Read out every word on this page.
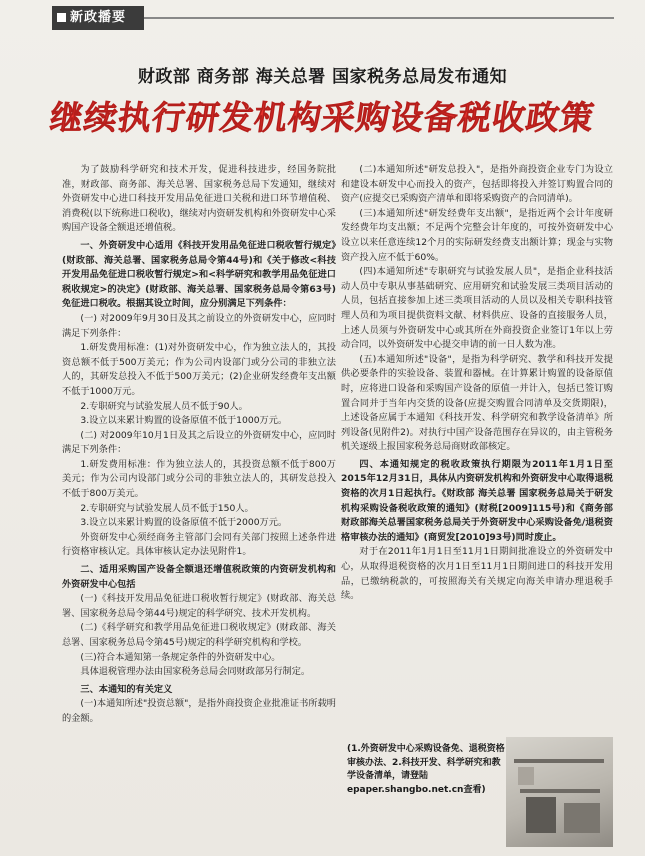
新政播要
财政部 商务部 海关总署 国家税务总局发布通知
继续执行研发机构采购设备税收政策

为了鼓励科学研究和技术开发，促进科技进步，经国务院批准，财政部、商务部、海关总署、国家税务总局下发通知，继续对外资研发中心进口科技开发用品免征进口关税和进口环节增值税、消费税(以下统称进口税收)，继续对内资研发机构和外资研发中心采购国产设备全额退还增值税。

一、外资研发中心适用《科技开发用品免征进口税收暂行规定》(财政部、海关总署、国家税务总局令第44号)和《关于修改<科技开发用品免征进口税收暂行规定>和<科学研究和教学用品免征进口税收规定>的决定》(财政部、海关总署、国家税务总局令第63号)免征进口税收。根据其设立时间，应分别满足下列条件：

(一) 对2009年9月30日及其之前设立的外资研发中心，应同时满足下列条件：

1.研发费用标准：(1)对外资研发中心，作为独立法人的，其投资总额不低于500万美元；作为公司内设部门或分公司的非独立法人的，其研发总投入不低于500万美元；(2)企业研发经费年支出额不低于1000万元。

2.专职研究与试验发展人员不低于90人。

3.设立以来累计购置的设备原值不低于1000万元。

(二) 对2009年10月1日及其之后设立的外资研发中心，应同时满足下列条件：

1.研发费用标准：作为独立法人的，其投资总额不低于800万美元；作为公司内设部门或分公司的非独立法人的，其研发总投入不低于800万美元。

2.专职研究与试验发展人员不低于150人。

3.设立以来累计购置的设备原值不低于2000万元。

外资研发中心须经商务主管部门会同有关部门按照上述条件进行资格审核认定。具体审核认定办法见附件1。

二、适用采购国产设备全额退还增值税政策的内资研发机构和外资研发中心包括

(一)《科技开发用品免征进口税收暂行规定》(财政部、海关总署、国家税务总局令第44号)规定的科学研究、技术开发机构。

(二)《科学研究和教学用品免征进口税收规定》(财政部、海关总署、国家税务总局令第45号)规定的科学研究机构和学校。

(三)符合本通知第一条规定条件的外资研发中心。

具体退税管理办法由国家税务总局会同财政部另行制定。

三、本通知的有关定义

(一)本通知所述"投资总额"，是指外商投资企业批准证书所载明的金额。

(二)本通知所述"研发总投入"，是指外商投资企业专门为设立和建设本研发中心而投入的资产，包括即将投入并签订购置合同的资产(应提交已采购资产清单和即将采购资产的合同清单)。

(三)本通知所述"研发经费年支出额"，是指近两个会计年度研发经费年均支出额；不足两个完整会计年度的，可按外资研发中心设立以来任意连续12个月的实际研发经费支出额计算；现金与实物资产投入应不低于60%。

(四)本通知所述"专职研究与试验发展人员"，是指企业科技活动人员中专职从事基础研究、应用研究和试验发展三类项目活动的人员，包括直接参加上述三类项目活动的人员以及相关专职科技管理人员和为项目提供资料文献、材料供应、设备的直接服务人员，上述人员须与外资研发中心或其所在外商投资企业签订1年以上劳动合同，以外资研发中心提交申请的前一日人数为准。

(五)本通知所述"设备"，是指为科学研究、教学和科技开发提供必要条件的实验设备、装置和器械。在计算累计购置的设备原值时，应将进口设备和采购国产设备的原值一并计入，包括已签订购置合同并于当年内交货的设备(应提交购置合同清单及交货期限)，上述设备应属于本通知《科技开发、科学研究和教学设备清单》所列设备(见附件2)。对执行中国产设备范围存在异议的，由主管税务机关逐级上报国家税务总局商财政部核定。

四、本通知规定的税收政策执行期限为2011年1月1日至2015年12月31日，具体从内资研发机构和外资研发中心取得退税资格的次月1日起执行。《财政部 海关总署 国家税务总局关于研发机构采购设备税收政策的通知》(财税[2009]115号)和《商务部财政部海关总署国家税务总局关于外资研发中心采购设备免/退税资格审核办法的通知》(商贸发[2010]93号)同时废止。

对于在2011年1月1日至11月1日期间批准设立的外资研发中心，从取得退税资格的次月1日至11月1日期间进口的科技开发用品，已缴纳税款的，可按照海关有关规定向海关申请办理退税手续。

(1.外资研发中心采购设备免、退税资格审核办法、2.科技开发、科学研究和教学设备清单，请登陆epaper.shangbo.net.cn查看)
